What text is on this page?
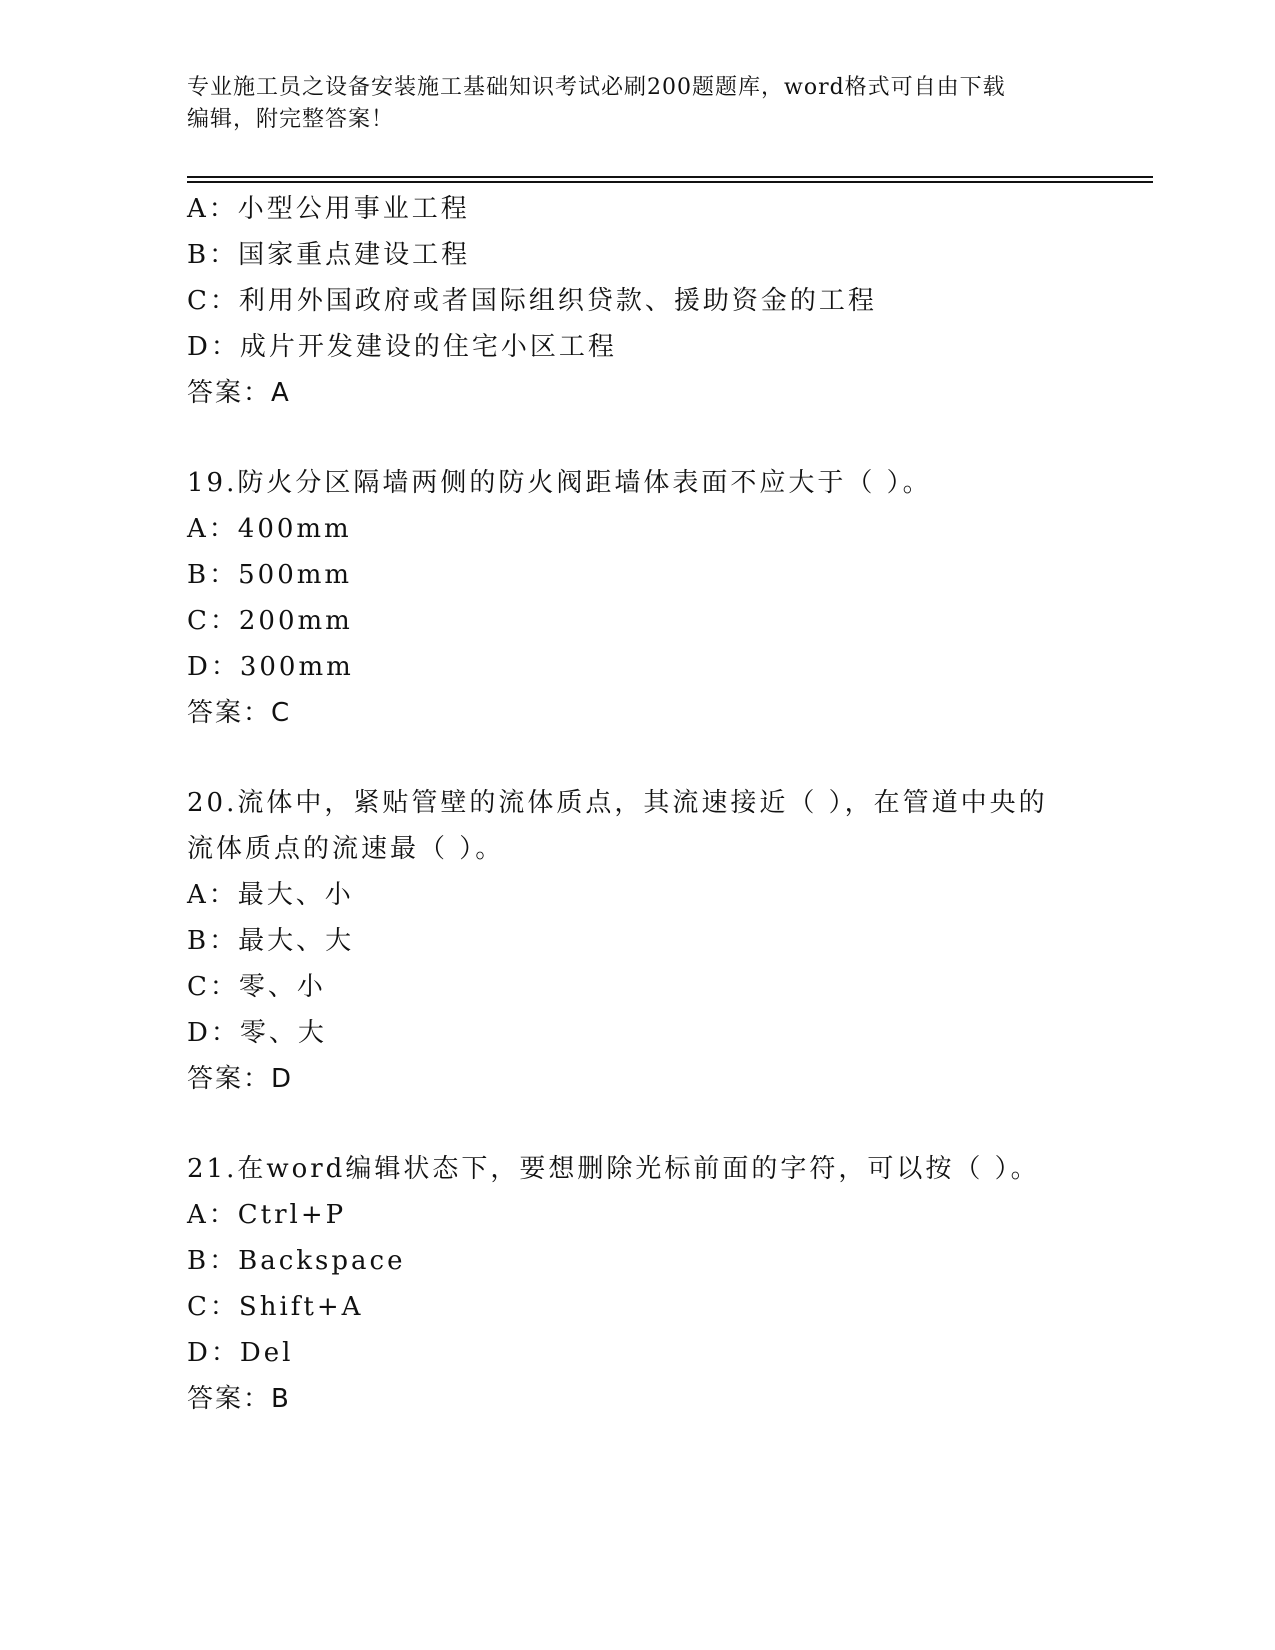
专业施工员之设备安装施工基础知识考试必刷200题题库，word格式可自由下载
编辑，附完整答案！
A：小型公用事业工程
B：国家重点建设工程
C：利用外国政府或者国际组织贷款、援助资金的工程
D：成片开发建设的住宅小区工程
答案：A
19.防火分区隔墙两侧的防火阀距墙体表面不应大于（ ）。
A：400mm
B：500mm
C：200mm
D：300mm
答案：C
20.流体中，紧贴管壁的流体质点，其流速接近（ ），在管道中央的
流体质点的流速最（ ）。
A：最大、小
B：最大、大
C：零、小
D：零、大
答案：D
21.在word编辑状态下，要想删除光标前面的字符，可以按（ ）。
A：Ctrl+P
B：Backspace
C：Shift+A
D：Del
答案：B
